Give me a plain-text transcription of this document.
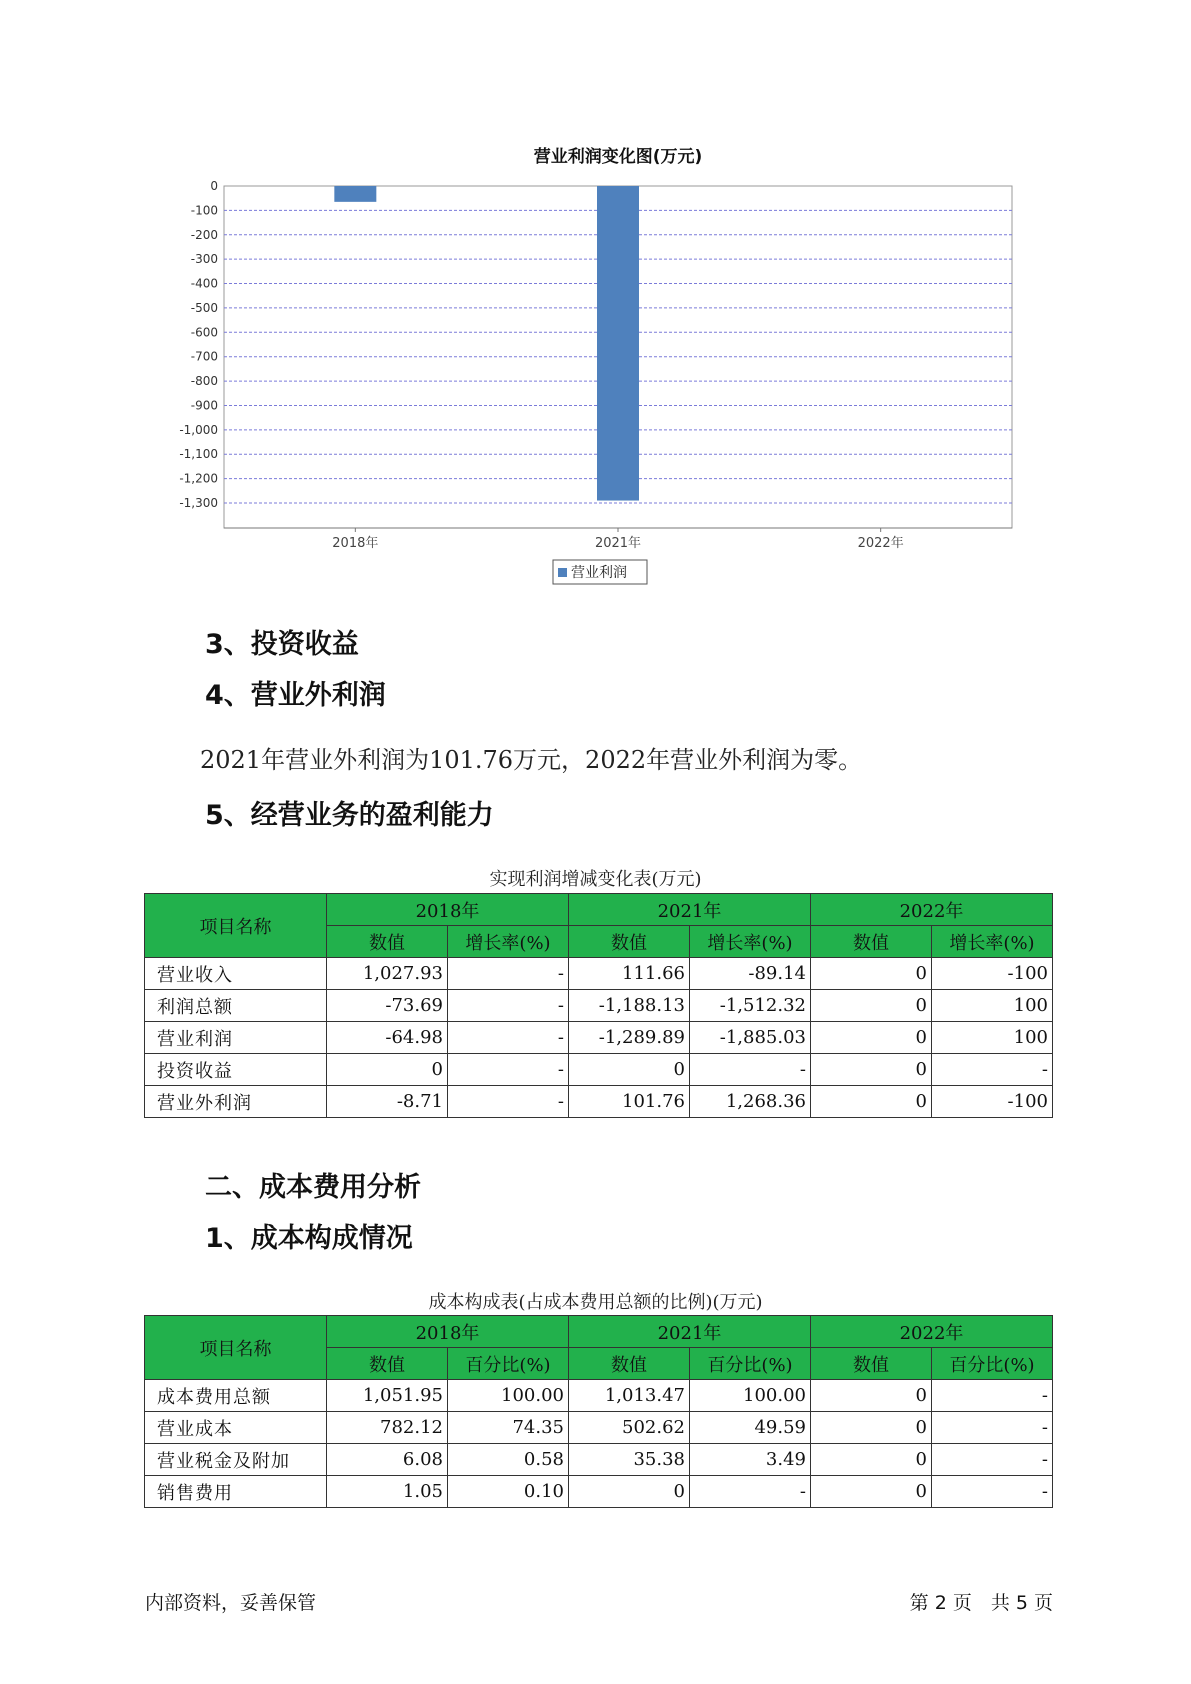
营业利润变化图(万元)
0
-100
-200
-300
-400
-500
-600
-700
-800
-900
-1,000
-1,100
-1,200
-1,300
2018年	2021年	2022年
营业利润
3、投资收益
4、营业外利润
2021年营业外利润为101.76万元，2022年营业外利润为零。
5、经营业务的盈利能力
实现利润增减变化表(万元)
项目名称	2018年		2021年		2022年	
	数值	增长率(%)	数值	增长率(%)	数值	增长率(%)
营业收入	1,027.93	-	111.66	-89.14	0	-100
利润总额	-73.69	-	-1,188.13	-1,512.32	0	100
营业利润	-64.98	-	-1,289.89	-1,885.03	0	100
投资收益	0	-	0	-	0	-
营业外利润	-8.71	-	101.76	1,268.36	0	-100
二、成本费用分析
1、成本构成情况
成本构成表(占成本费用总额的比例)(万元)
项目名称	2018年		2021年		2022年	
	数值	百分比(%)	数值	百分比(%)	数值	百分比(%)
成本费用总额	1,051.95	100.00	1,013.47	100.00	0	-
营业成本	782.12	74.35	502.62	49.59	0	-
营业税金及附加	6.08	0.58	35.38	3.49	0	-
销售费用	1.05	0.10	0	-	0	-
内部资料，妥善保管	第 2 页　共 5 页
